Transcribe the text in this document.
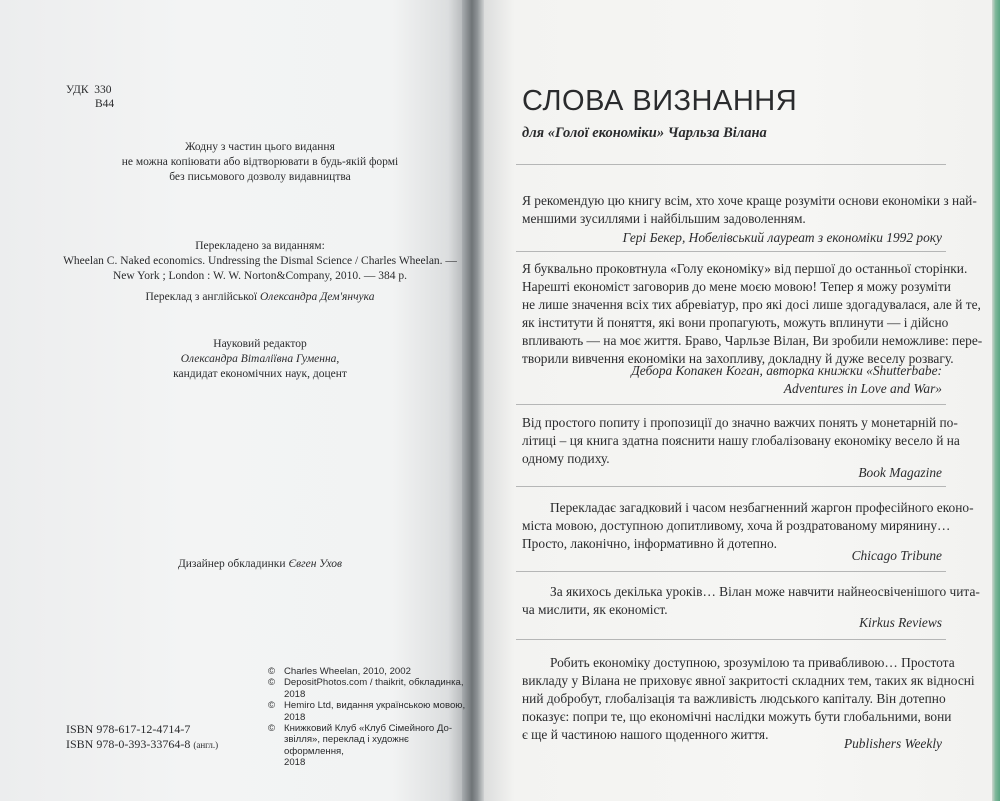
УДК  330
В44
Жодну з частин цього видання
не можна копіювати або відтворювати в будь-якій формі
без письмового дозволу видавництва
Перекладено за виданням:
Wheelan C. Naked economics. Undressing the Dismal Science / Charles Wheelan. —
New York ; London : W. W. Norton&Company, 2010. — 384 p.
Переклад з англійської Олександра Дем'янчука
Науковий редактор
Олександра Віталіївна Гуменна,
кандидат економічних наук, доцент
Дизайнер обкладинки Євген Ухов
ISBN 978-617-12-4714-7
ISBN 978-0-393-33764-8 (англ.)
© Charles Wheelan, 2010, 2002
© DepositPhotos.com / thaikrit, обкладинка,
2018
© Hemiro Ltd, видання українською мовою,
2018
© Книжковий Клуб «Клуб Сімейного До-
звілля», переклад і художнє оформлення,
2018
СЛОВА ВИЗНАННЯ
для «Голої економіки» Чарльза Вілана
Я рекомендую цю книгу всім, хто хоче краще розуміти основи економіки з най-
меншими зусиллями і найбільшим задоволенням.
Гері Бекер, Нобелівський лауреат з економіки 1992 року
Я буквально проковтнула «Голу економіку» від першої до останньої сторінки.
Нарешті економіст заговорив до мене моєю мовою! Тепер я можу розуміти
не лише значення всіх тих абревіатур, про які досі лише здогадувалася, але й те,
як інститути й поняття, які вони пропагують, можуть вплинути — і дійсно
впливають — на моє життя. Браво, Чарльзе Вілан, Ви зробили неможливе: пере-
творили вивчення економіки на захопливу, докладну й дуже веселу розвагу.
Дебора Копакен Коган, авторка книжки «Shutterbabe:
Adventures in Love and War»
Від простого попиту і пропозиції до значно важчих понять у монетарній по-
літиці – ця книга здатна пояснити нашу глобалізовану економіку весело й на
одному подиху.
Book Magazine
Перекладає загадковий і часом незбагненний жаргон професійного еконо-
міста мовою, доступною допитливому, хоча й роздратованому мирянину…
Просто, лаконічно, інформативно й дотепно.
Chicago Tribune
За якихось декілька уроків… Вілан може навчити найнеосвіченішого чита-
ча мислити, як економіст.
Kirkus Reviews
Робить економіку доступною, зрозумілою та привабливою… Простота
викладу у Вілана не приховує явної закритості складних тем, таких як відносні
ний добробут, глобалізація та важливість людського капіталу. Він дотепно
показує: попри те, що економічні наслідки можуть бути глобальними, вони
є ще й частиною нашого щоденного життя.
Publishers Weekly
